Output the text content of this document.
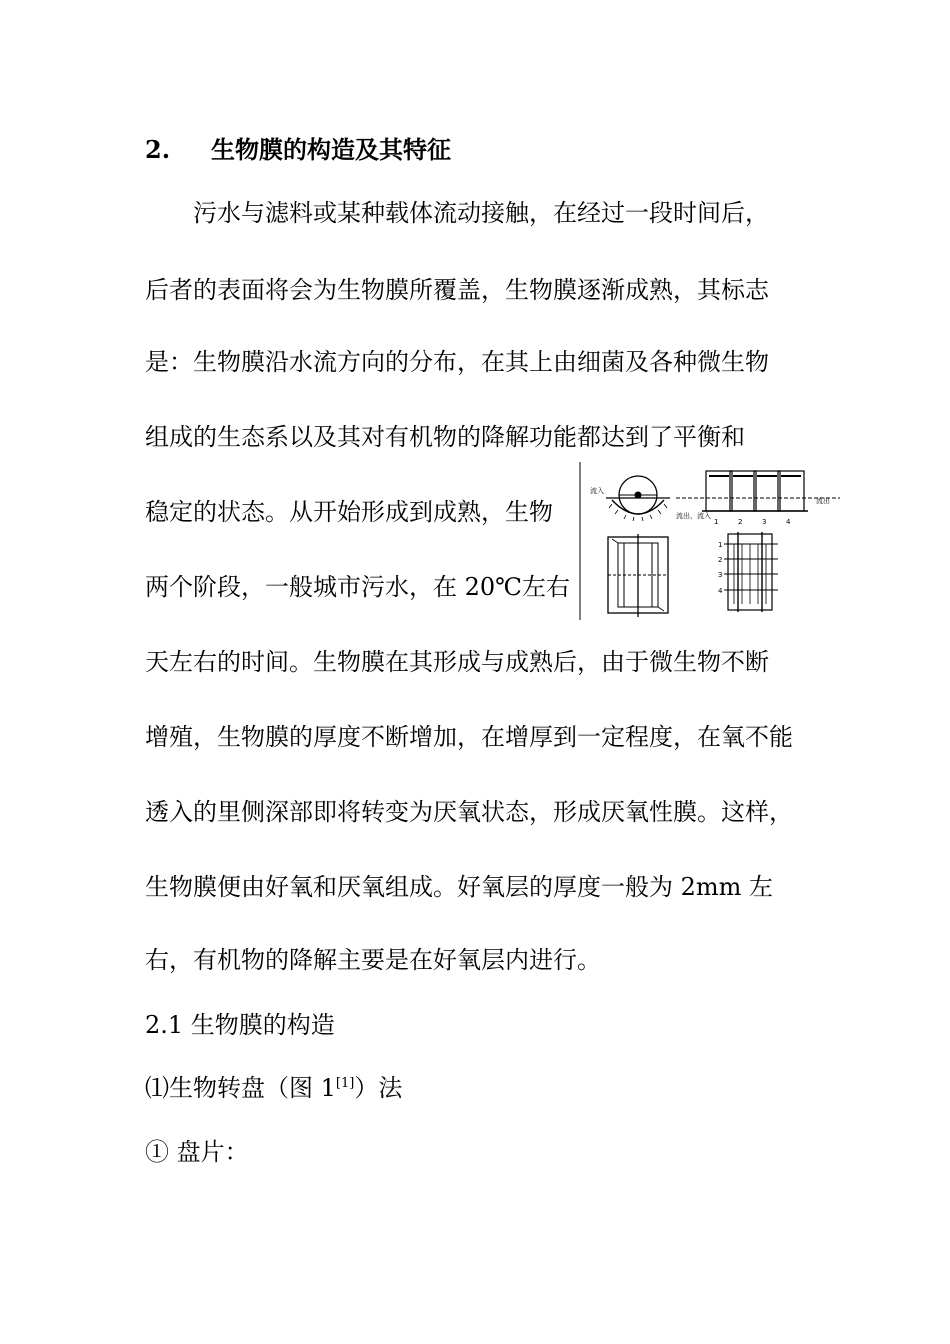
2. 生物膜的构造及其特征
污水与滤料或某种载体流动接触，在经过一段时间后，
后者的表面将会为生物膜所覆盖，生物膜逐渐成熟，其标志
是：生物膜沿水流方向的分布，在其上由细菌及各种微生物
组成的生态系以及其对有机物的降解功能都达到了平衡和
稳定的状态。从开始形成到成熟，生物
两个阶段，一般城市污水，在 20℃左右
天左右的时间。生物膜在其形成与成熟后，由于微生物不断
增殖，生物膜的厚度不断增加，在增厚到一定程度，在氧不能
透入的里侧深部即将转变为厌氧状态，形成厌氧性膜。这样，
生物膜便由好氧和厌氧组成。好氧层的厚度一般为 2mm 左
右，有机物的降解主要是在好氧层内进行。
2.1 生物膜的构造
⑴生物转盘（图 1[1]）法
① 盘片：
流入
流出，流入
流出
1	2	3	4
1
2
3
4
